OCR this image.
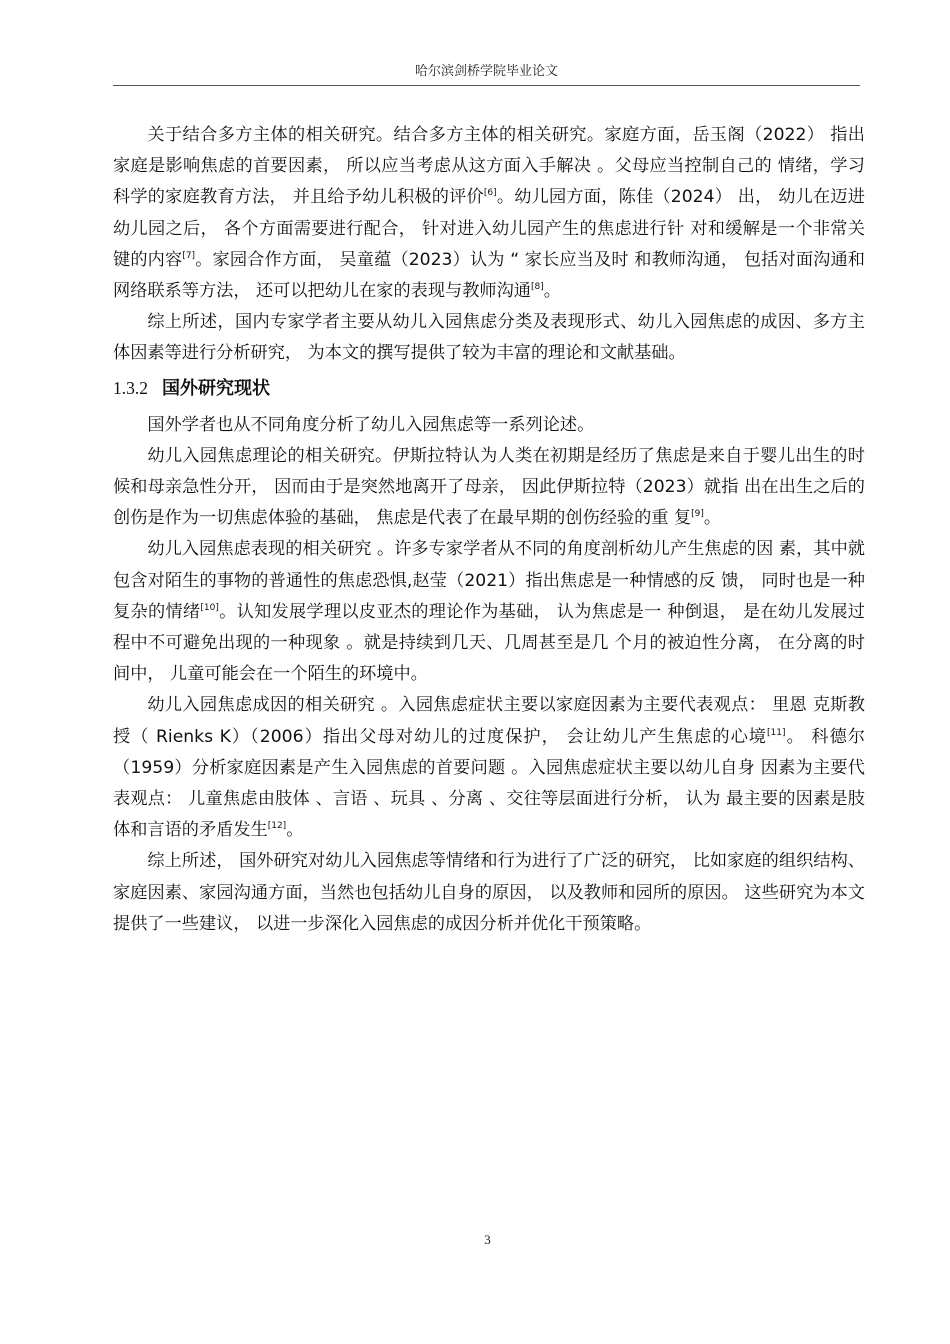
哈尔滨剑桥学院毕业论文

关于结合多方主体的相关研究。结合多方主体的相关研究。家庭方面，岳玉阁（2022） 指出家庭是影响焦虑的首要因素， 所以应当考虑从这方面入手解决 。父母应当控制自己的 情绪，学习科学的家庭教育方法， 并且给予幼儿积极的评价[6]。幼儿园方面，陈佳（2024） 出， 幼儿在迈进幼儿园之后， 各个方面需要进行配合， 针对进入幼儿园产生的焦虑进行针 对和缓解是一个非常关键的内容[7]。家园合作方面， 吴童蕴（2023）认为 “ 家长应当及时 和教师沟通， 包括对面沟通和网络联系等方法， 还可以把幼儿在家的表现与教师沟通[8]。

综上所述，国内专家学者主要从幼儿入园焦虑分类及表现形式、幼儿入园焦虑的成因、多方主体因素等进行分析研究， 为本文的撰写提供了较为丰富的理论和文献基础。

1.3.2 国外研究现状

国外学者也从不同角度分析了幼儿入园焦虑等一系列论述。

幼儿入园焦虑理论的相关研究。伊斯拉特认为人类在初期是经历了焦虑是来自于婴儿出生的时候和母亲急性分开， 因而由于是突然地离开了母亲， 因此伊斯拉特（2023）就指 出在出生之后的创伤是作为一切焦虑体验的基础， 焦虑是代表了在最早期的创伤经验的重 复[9]。

幼儿入园焦虑表现的相关研究 。许多专家学者从不同的角度剖析幼儿产生焦虑的因 素，其中就包含对陌生的事物的普通性的焦虑恐惧,赵莹（2021）指出焦虑是一种情感的反 馈， 同时也是一种复杂的情绪[10]。认知发展学理以皮亚杰的理论作为基础， 认为焦虑是一 种倒退， 是在幼儿发展过程中不可避免出现的一种现象 。就是持续到几天、几周甚至是几 个月的被迫性分离， 在分离的时间中， 儿童可能会在一个陌生的环境中。

幼儿入园焦虑成因的相关研究 。入园焦虑症状主要以家庭因素为主要代表观点： 里恩 克斯教授（ Rienks K）（2006）指出父母对幼儿的过度保护， 会让幼儿产生焦虑的心境[11]。 科德尔（1959）分析家庭因素是产生入园焦虑的首要问题 。入园焦虑症状主要以幼儿自身 因素为主要代表观点： 儿童焦虑由肢体 、言语 、玩具 、分离 、交往等层面进行分析， 认为 最主要的因素是肢体和言语的矛盾发生[12]。

综上所述， 国外研究对幼儿入园焦虑等情绪和行为进行了广泛的研究， 比如家庭的组织结构、家庭因素、家园沟通方面，当然也包括幼儿自身的原因， 以及教师和园所的原因。 这些研究为本文提供了一些建议， 以进一步深化入园焦虑的成因分析并优化干预策略。

3
